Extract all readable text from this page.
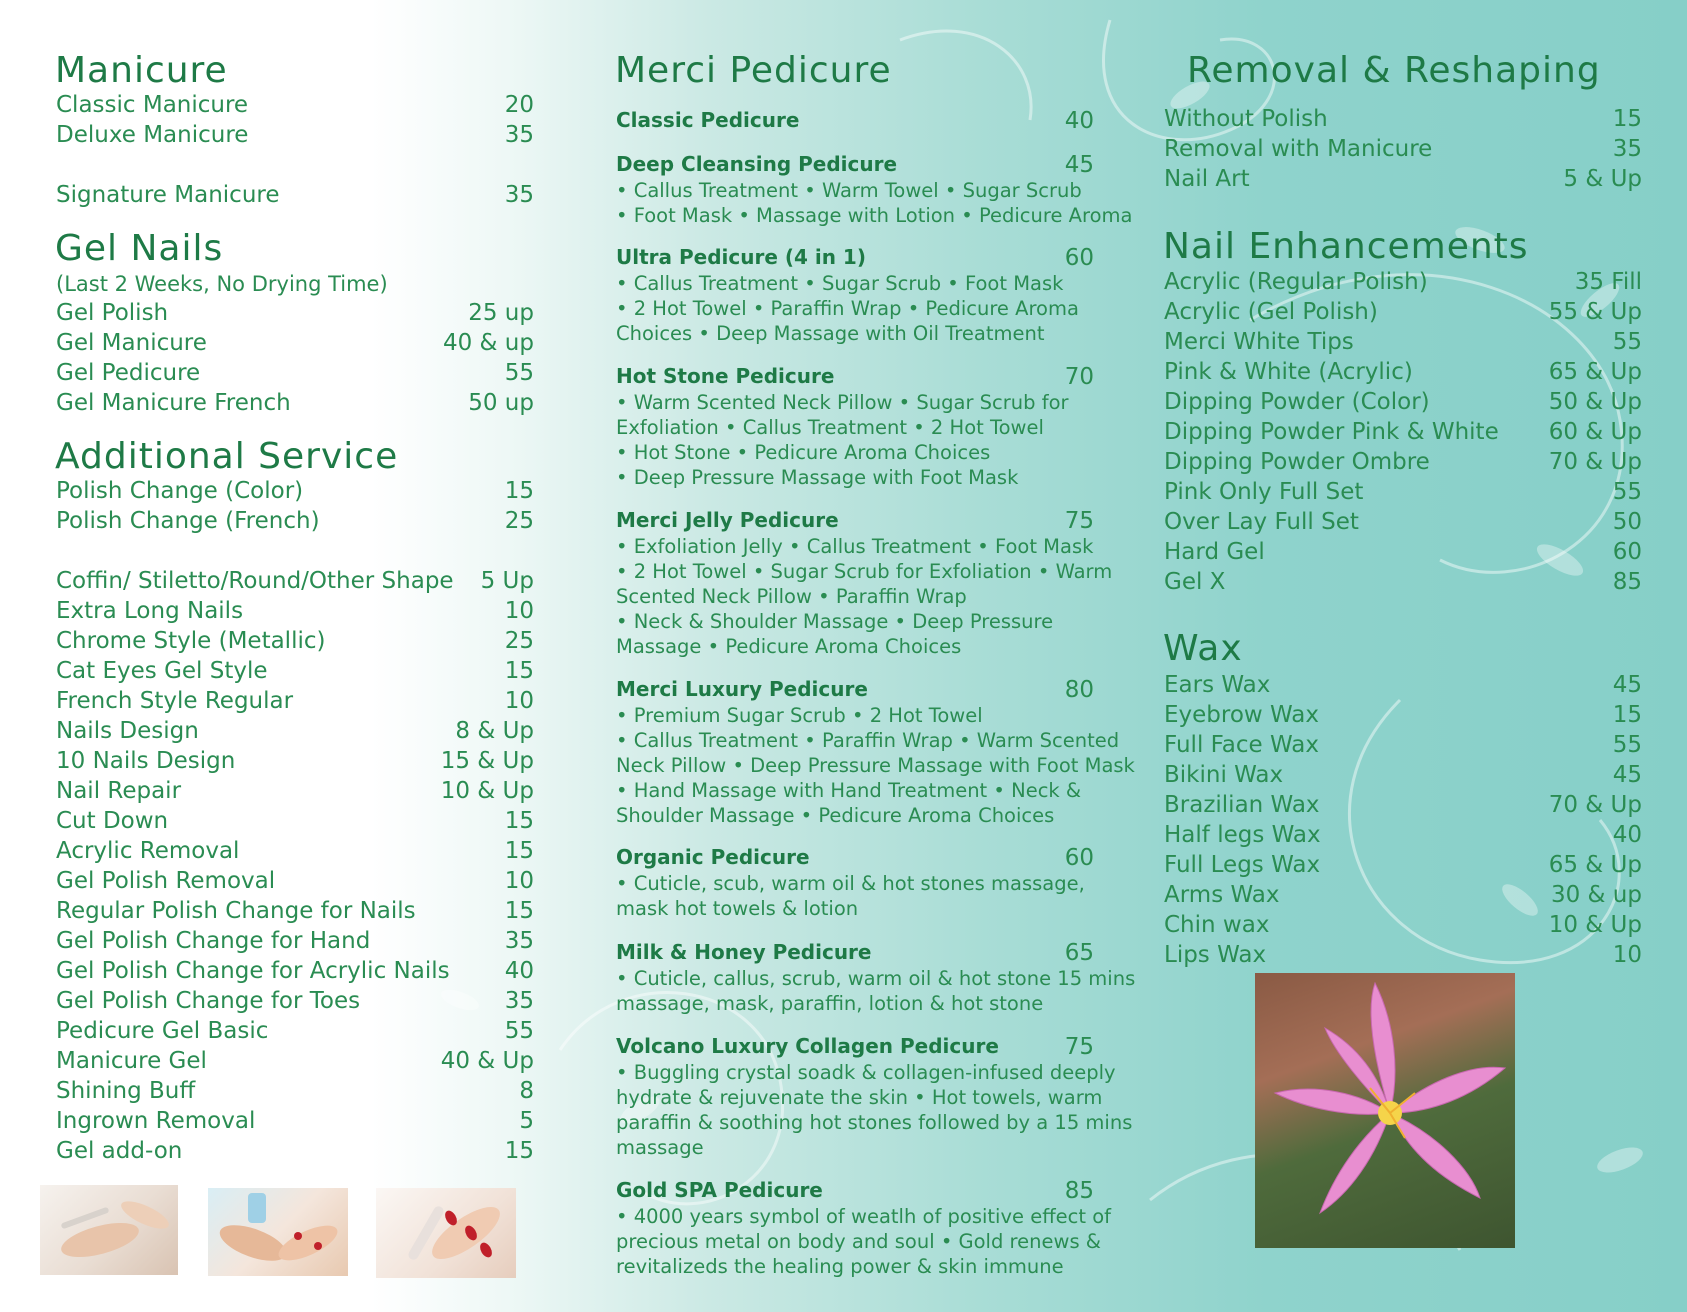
Manicure
Classic Manicure	20
Deluxe Manicure	35
Signature Manicure	35
Gel Nails
(Last 2 Weeks, No Drying Time)
Gel Polish	25 up
Gel Manicure	40 & up
Gel Pedicure	55
Gel Manicure French	50 up
Additional Service
Polish Change (Color)	15
Polish Change (French)	25
Coffin/ Stiletto/Round/Other Shape 5 Up
Extra Long Nails	10
Chrome Style (Metallic)	25
Cat Eyes Gel Style	15
French Style Regular	10
Nails Design	8 & Up
10 Nails Design	15 & Up
Nail Repair	10 & Up
Cut Down	15
Acrylic Removal	15
Gel Polish Removal	10
Regular Polish Change for Nails	15
Gel Polish Change for Hand	35
Gel Polish Change for Acrylic Nails 40
Gel Polish Change for Toes	35
Pedicure Gel Basic	55
Manicure Gel	40 & Up
Shining Buff	8
Ingrown Removal	5
Gel add-on	15
Merci Pedicure
Classic Pedicure	40
Deep Cleansing Pedicure	45
• Callus Treatment • Warm Towel • Sugar Scrub
• Foot Mask • Massage with Lotion • Pedicure Aroma
Ultra Pedicure (4 in 1)	60
• Callus Treatment • Sugar Scrub • Foot Mask
• 2 Hot Towel • Paraffin Wrap • Pedicure Aroma
Choices • Deep Massage with Oil Treatment
Hot Stone Pedicure	70
• Warm Scented Neck Pillow • Sugar Scrub for
Exfoliation • Callus Treatment • 2 Hot Towel
• Hot Stone • Pedicure Aroma Choices
• Deep Pressure Massage with Foot Mask
Merci Jelly Pedicure	75
• Exfoliation Jelly • Callus Treatment • Foot Mask
• 2 Hot Towel • Sugar Scrub for Exfoliation • Warm
Scented Neck Pillow • Paraffin Wrap
• Neck & Shoulder Massage • Deep Pressure
Massage • Pedicure Aroma Choices
Merci Luxury Pedicure	80
• Premium Sugar Scrub • 2 Hot Towel
• Callus Treatment • Paraffin Wrap • Warm Scented
Neck Pillow • Deep Pressure Massage with Foot Mask
• Hand Massage with Hand Treatment • Neck &
Shoulder Massage • Pedicure Aroma Choices
Organic Pedicure	60
• Cuticle, scub, warm oil & hot stones massage,
mask hot towels & lotion
Milk & Honey Pedicure	65
• Cuticle, callus, scrub, warm oil & hot stone 15 mins
massage, mask, paraffin, lotion & hot stone
Volcano Luxury Collagen Pedicure	75
• Buggling crystal soadk & collagen-infused deeply
hydrate & rejuvenate the skin • Hot towels, warm
paraffin & soothing hot stones followed by a 15 mins
massage
Gold SPA Pedicure	85
• 4000 years symbol of weatlh of positive effect of
precious metal on body and soul • Gold renews &
revitalizeds the healing power & skin immune
Removal & Reshaping
Without Polish	15
Removal with Manicure	35
Nail Art	5 & Up
Nail Enhancements
Acrylic (Regular Polish)	35 Fill
Acrylic (Gel Polish)	55 & Up
Merci White Tips	55
Pink & White (Acrylic)	65 & Up
Dipping Powder (Color)	50 & Up
Dipping Powder Pink & White 60 & Up
Dipping Powder Ombre	70 & Up
Pink Only Full Set	55
Over Lay Full Set	50
Hard Gel	60
Gel X	85
Wax
Ears Wax	45
Eyebrow Wax	15
Full Face Wax	55
Bikini Wax	45
Brazilian Wax	70 & Up
Half legs Wax	40
Full Legs Wax	65 & Up
Arms Wax	30 & up
Chin wax	10 & Up
Lips Wax	10
